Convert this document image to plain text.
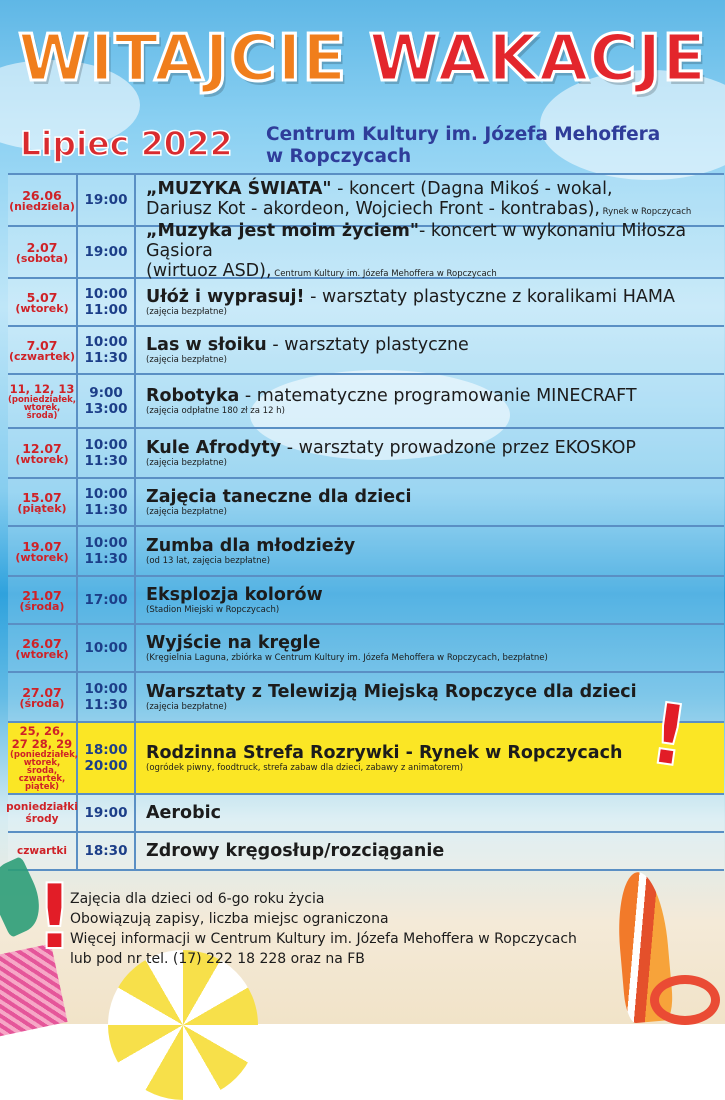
WITAJCIE WAKACJE
Lipiec 2022 Centrum Kultury im. Józefa Mehoffera
w Ropczycach
26.06
(niedziela) 19:00
„MUZYKA ŚWIATA" - koncert (Dagna Mikoś - wokal,
Dariusz Kot - akordeon, Wojciech Front - kontrabas), Rynek w Ropczycach
2.07
(sobota) 19:00
„Muzyka jest moim życiem"- koncert w wykonaniu Miłosza Gąsiora
(wirtuoz ASD), Centrum Kultury im. Józefa Mehoffera w Ropczycach
5.07
(wtorek)
10:00
11:00
Ułóż i wyprasuj! - warsztaty plastyczne z koralikami HAMA
(zajęcia bezpłatne)
7.07
(czwartek)
10:00
11:30
Las w słoiku - warsztaty plastyczne
(zajęcia bezpłatne)
11, 12, 13
(poniedziałek, wtorek, środa)
9:00
13:00
Robotyka - matematyczne programowanie MINECRAFT
(zajęcia odpłatne 180 zł za 12 h)
12.07
(wtorek)
10:00
11:30
Kule Afrodyty - warsztaty prowadzone przez EKOSKOP
(zajęcia bezpłatne)
15.07
(piątek)
10:00
11:30
Zajęcia taneczne dla dzieci
(zajęcia bezpłatne)
19.07
(wtorek)
10:00
11:30
Zumba dla młodzieży
(od 13 lat, zajęcia bezpłatne)
21.07
(środa) 17:00 Eksplozja kolorów
(Stadion Miejski w Ropczycach)
26.07
(wtorek) 10:00 Wyjście na kręgle
(Kręgielnia Laguna, zbiórka w Centrum Kultury im. Józefa Mehoffera w Ropczycach, bezpłatne)
27.07
(środa)
10:00
11:30
Warsztaty z Telewizją Miejską Ropczyce dla dzieci
(zajęcia bezpłatne)
25, 26, 27 28, 29
(poniedziałek, wtorek, środa, czwartek, piątek)
18:00
20:00
Rodzinna Strefa Rozrywki - Rynek w Ropczycach
(ogródek piwny, foodtruck, strefa zabaw dla dzieci, zabawy z animatorem)
poniedziałki środy	19:00 Aerobic
czwartki 18:30 Zdrowy kręgosłup/rozciąganie
!
!
Zajęcia dla dzieci od 6-go roku życia
Obowiązują zapisy, liczba miejsc ograniczona
Więcej informacji w Centrum Kultury im. Józefa Mehoffera w Ropczycach
lub pod nr tel. (17) 222 18 228 oraz na FB
